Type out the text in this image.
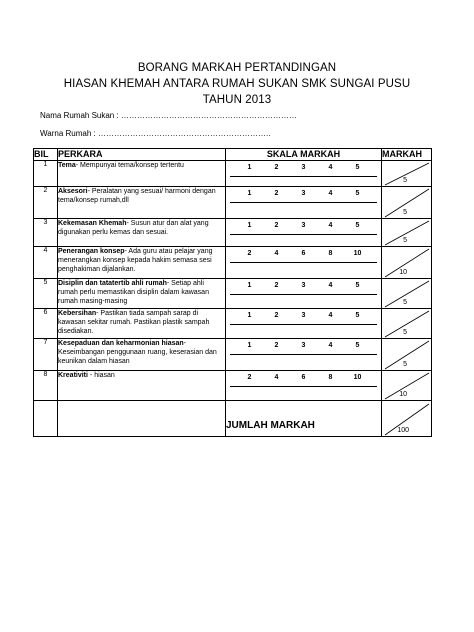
BORANG MARKAH PERTANDINGAN
HIASAN KHEMAH ANTARA RUMAH SUKAN SMK SUNGAI PUSU
TAHUN 2013
Nama Rumah Sukan : …………………………………………………………
Warna Rumah : ………………………………………………………..
BIL	PERKARA	SKALA MARKAH	MARKAH
1	Tema- Mempunyai tema/konsep tertentu	1 2 3 4 5	5

2	Aksesori- Peralatan yang sesuai/ harmoni dengan tema/konsep rumah,dll	1 2 3 4 5	5

3	Kekemasan Khemah- Susun atur dan alat yang digunakan perlu kemas dan sesuai.	1 2 3 4 5	5

4	Penerangan konsep- Ada guru atau pelajar yang menerangkan konsep kepada hakim semasa sesi penghakiman dijalankan.	2 4 6 8 10	10

5	Disiplin dan tatatertib ahli rumah- Setiap ahli rumah perlu memastikan disiplin dalam kawasan rumah masing-masing	1 2 3 4 5	5

6	Kebersihan- Pastikan tiada sampah sarap di kawasan sekitar rumah. Pastikan plastik sampah disediakan.	1 2 3 4 5	5

7	Kesepaduan dan keharmonian hiasan- Keseimbangan penggunaan ruang, keserasian dan keunikan dalam hiasan	1 2 3 4 5	5

8	Kreativiti - hiasan	2 4 6 8 10	10

		JUMLAH MARKAH	100
